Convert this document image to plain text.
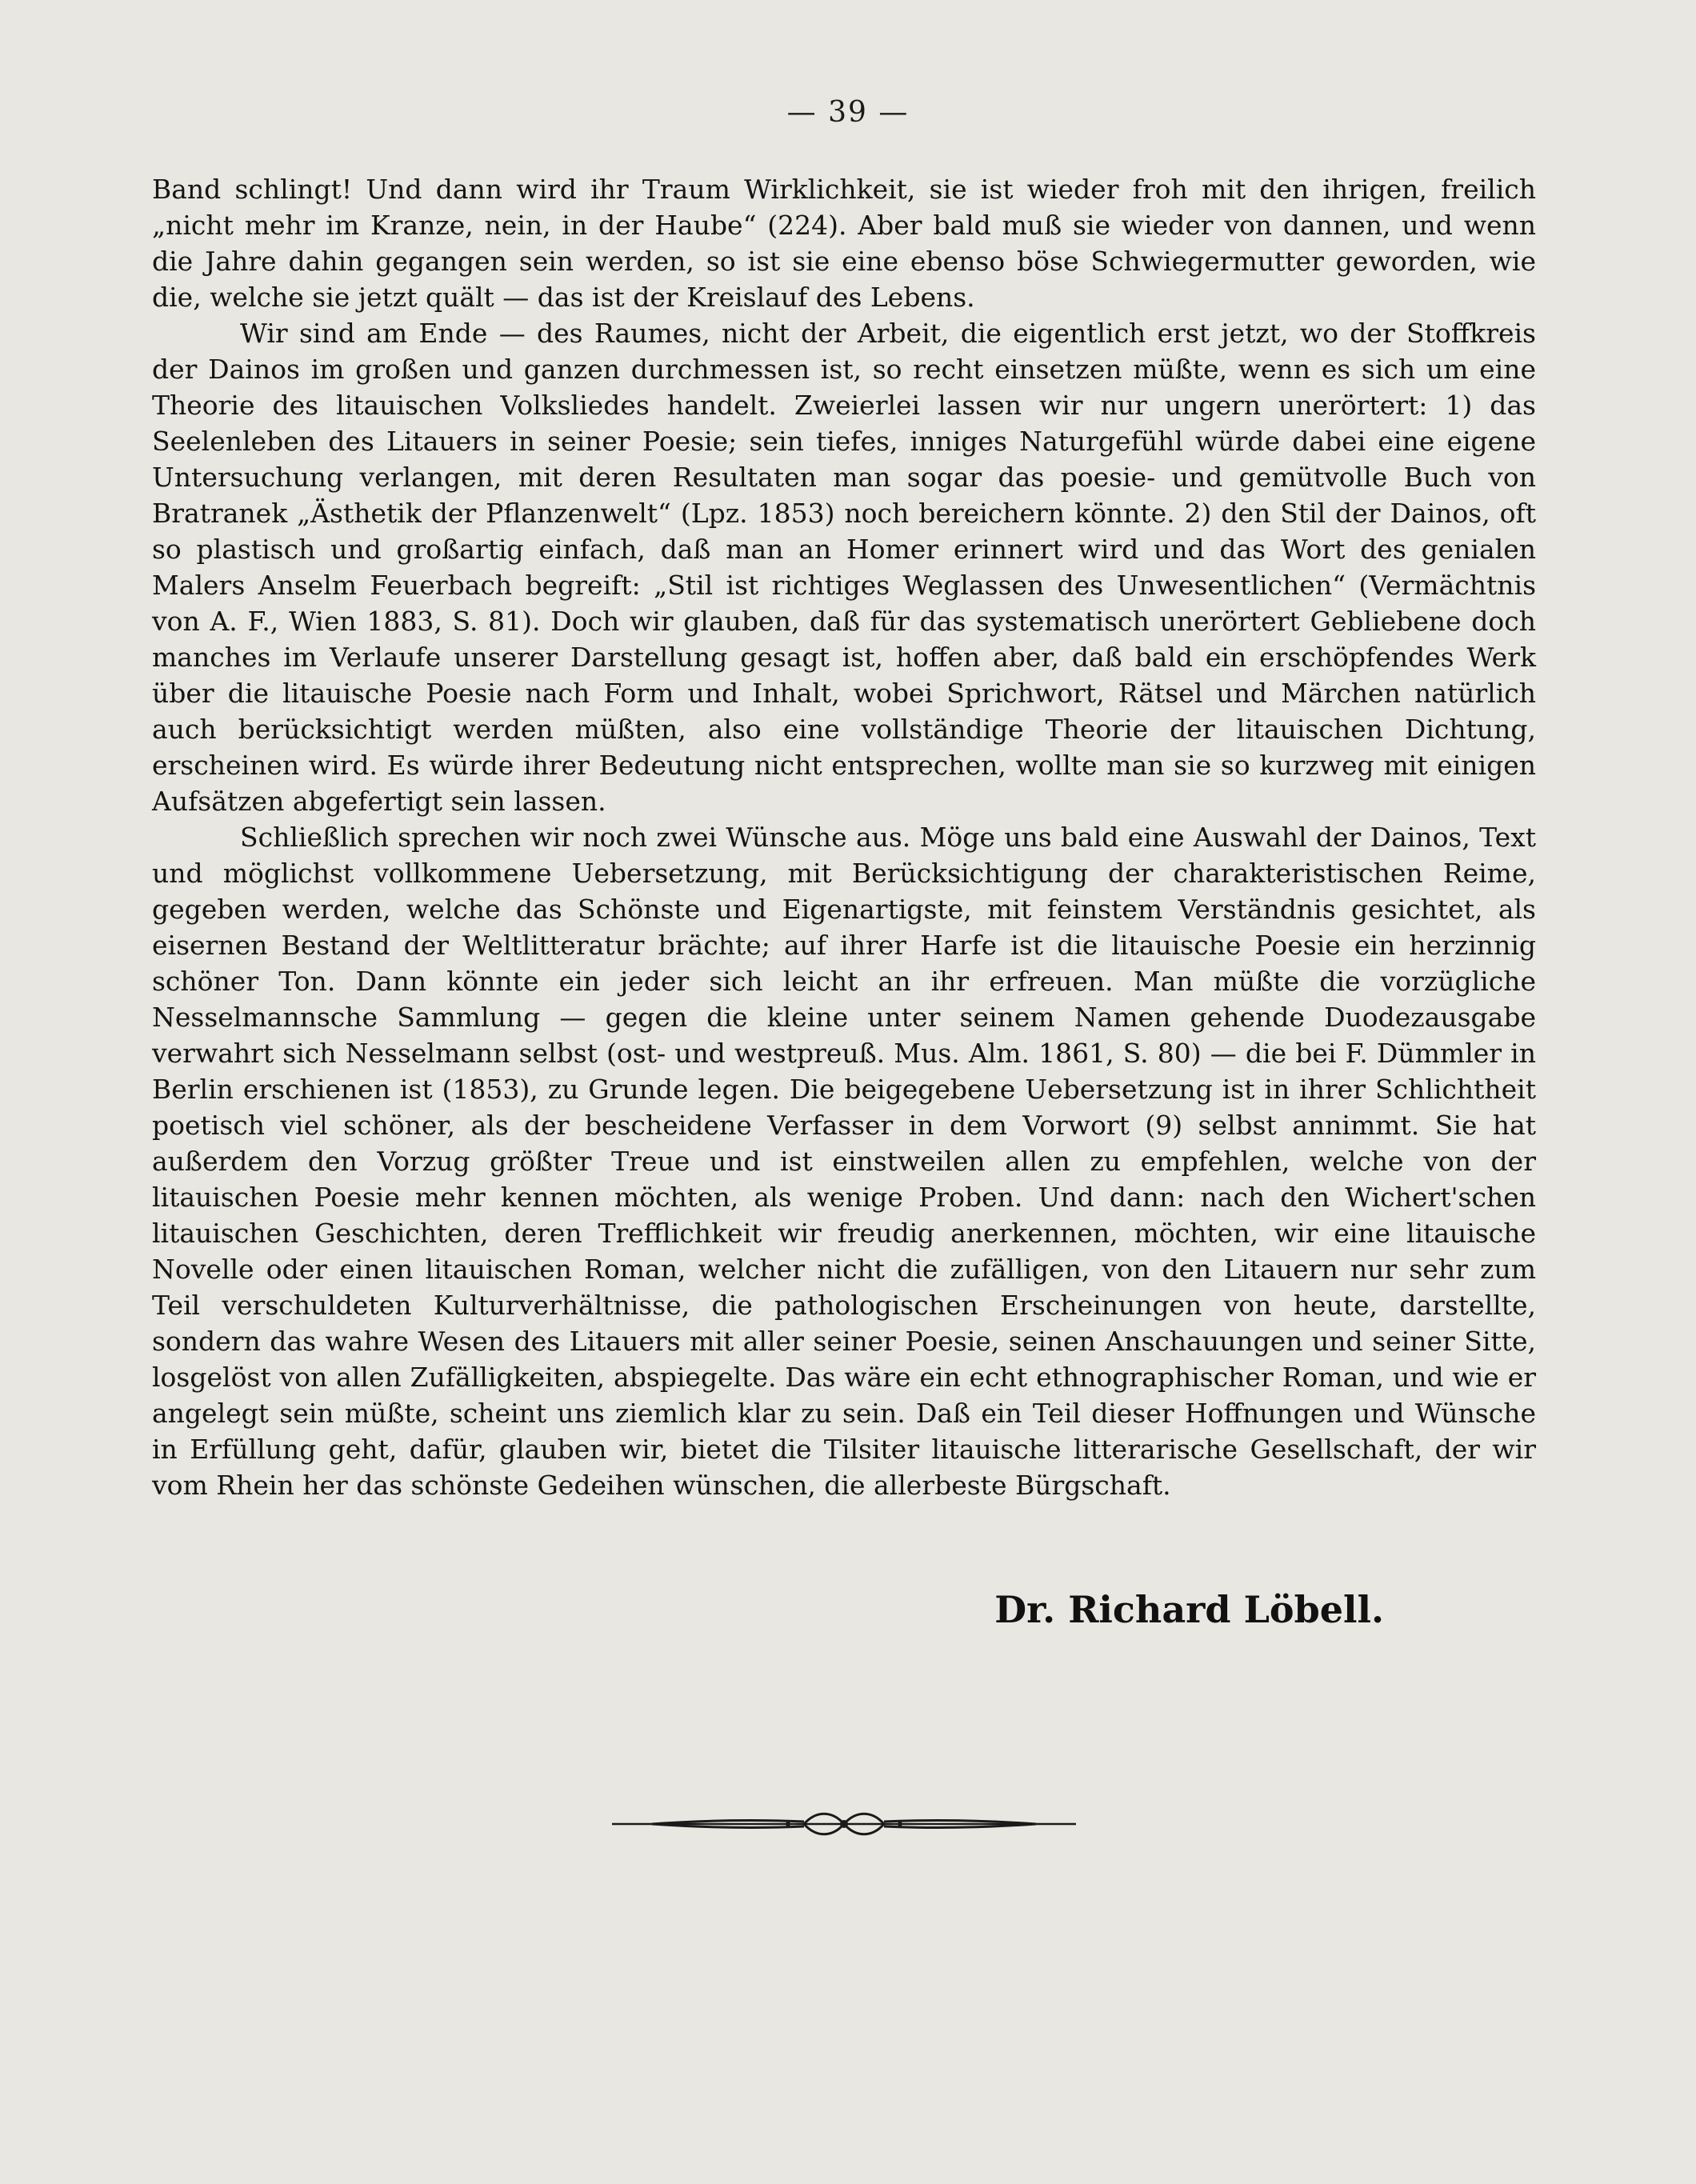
— 39 —

Band schlingt! Und dann wird ihr Traum Wirklichkeit, sie ist wieder froh mit den ihrigen, freilich „nicht mehr im Kranze, nein, in der Haube“ (224). Aber bald muß sie wieder von dannen, und wenn die Jahre dahin gegangen sein werden, so ist sie eine ebenso böse Schwiegermutter geworden, wie die, welche sie jetzt quält — das ist der Kreislauf des Lebens.

Wir sind am Ende — des Raumes, nicht der Arbeit, die eigentlich erst jetzt, wo der Stoffkreis der Dainos im großen und ganzen durchmessen ist, so recht einsetzen müßte, wenn es sich um eine Theorie des litauischen Volksliedes handelt. Zweierlei lassen wir nur ungern unerörtert: 1) das Seelenleben des Litauers in seiner Poesie; sein tiefes, inniges Naturgefühl würde dabei eine eigene Untersuchung verlangen, mit deren Resultaten man sogar das poesie- und gemütvolle Buch von Bratranek „Ästhetik der Pflanzenwelt“ (Lpz. 1853) noch bereichern könnte. 2) den Stil der Dainos, oft so plastisch und großartig einfach, daß man an Homer erinnert wird und das Wort des genialen Malers Anselm Feuerbach begreift: „Stil ist richtiges Weglassen des Unwesentlichen“ (Vermächtnis von A. F., Wien 1883, S. 81). Doch wir glauben, daß für das systematisch unerörtert Gebliebene doch manches im Verlaufe unserer Darstellung gesagt ist, hoffen aber, daß bald ein erschöpfendes Werk über die litauische Poesie nach Form und Inhalt, wobei Sprichwort, Rätsel und Märchen natürlich auch berücksichtigt werden müßten, also eine vollständige Theorie der litauischen Dichtung, erscheinen wird. Es würde ihrer Bedeutung nicht entsprechen, wollte man sie so kurzweg mit einigen Aufsätzen abgefertigt sein lassen.

Schließlich sprechen wir noch zwei Wünsche aus. Möge uns bald eine Auswahl der Dainos, Text und möglichst vollkommene Uebersetzung, mit Berücksichtigung der charakteristischen Reime, gegeben werden, welche das Schönste und Eigenartigste, mit feinstem Verständnis gesichtet, als eisernen Bestand der Weltlitteratur brächte; auf ihrer Harfe ist die litauische Poesie ein herzinnig schöner Ton. Dann könnte ein jeder sich leicht an ihr erfreuen. Man müßte die vorzügliche Nesselmannsche Sammlung — gegen die kleine unter seinem Namen gehende Duodezausgabe verwahrt sich Nesselmann selbst (ost- und westpreuß. Mus. Alm. 1861, S. 80) — die bei F. Dümmler in Berlin erschienen ist (1853), zu Grunde legen. Die beigegebene Uebersetzung ist in ihrer Schlichtheit poetisch viel schöner, als der bescheidene Verfasser in dem Vorwort (9) selbst annimmt. Sie hat außerdem den Vorzug größter Treue und ist einstweilen allen zu empfehlen, welche von der litauischen Poesie mehr kennen möchten, als wenige Proben. Und dann: nach den Wichert'schen litauischen Geschichten, deren Trefflichkeit wir freudig anerkennen, möchten, wir eine litauische Novelle oder einen litauischen Roman, welcher nicht die zufälligen, von den Litauern nur sehr zum Teil verschuldeten Kulturverhältnisse, die pathologischen Erscheinungen von heute, darstellte, sondern das wahre Wesen des Litauers mit aller seiner Poesie, seinen Anschauungen und seiner Sitte, losgelöst von allen Zufälligkeiten, abspiegelte. Das wäre ein echt ethnographischer Roman, und wie er angelegt sein müßte, scheint uns ziemlich klar zu sein. Daß ein Teil dieser Hoffnungen und Wünsche in Erfüllung geht, dafür, glauben wir, bietet die Tilsiter litauische litterarische Gesellschaft, der wir vom Rhein her das schönste Gedeihen wünschen, die allerbeste Bürgschaft.

Dr. Richard Löbell.
